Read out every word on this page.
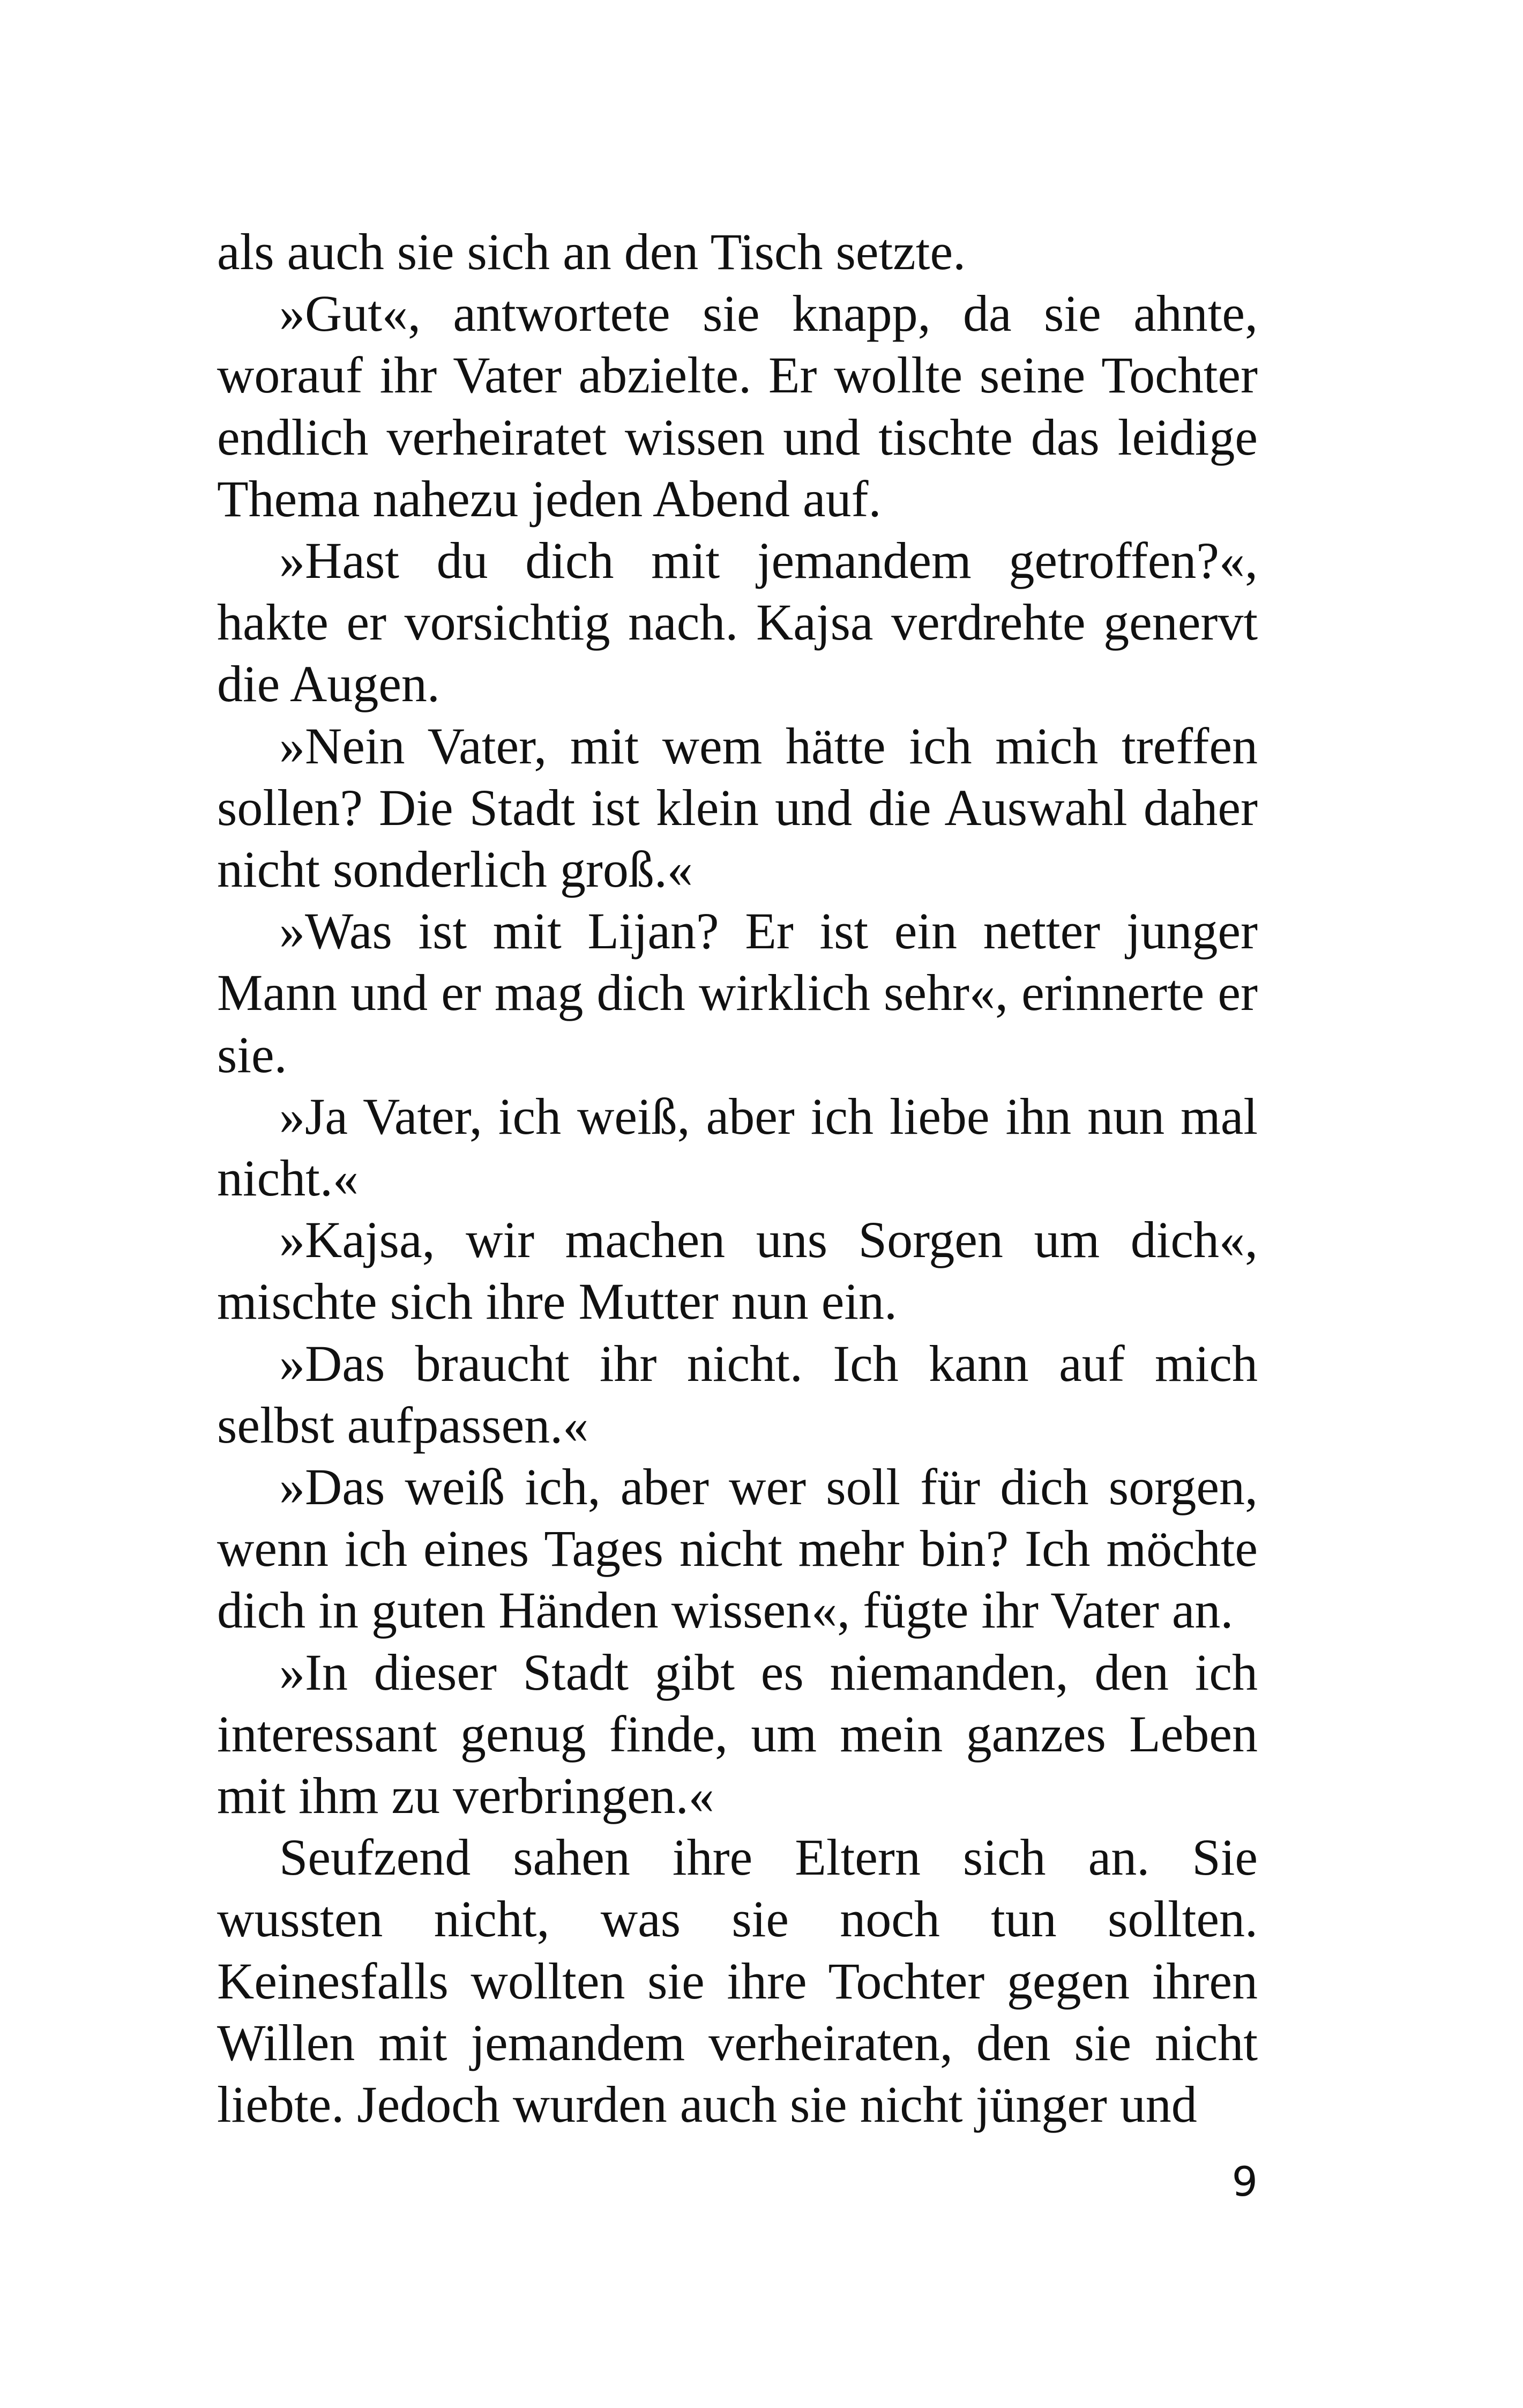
als auch sie sich an den Tisch setzte.

»Gut«, antwortete sie knapp, da sie ahnte, worauf ihr Vater abzielte. Er wollte seine Tochter endlich verheiratet wissen und tischte das leidige Thema nahezu jeden Abend auf.

»Hast du dich mit jemandem getroffen?«, hakte er vorsichtig nach. Kajsa verdrehte genervt die Augen.

»Nein Vater, mit wem hätte ich mich treffen sollen? Die Stadt ist klein und die Auswahl daher nicht sonderlich groß.«

»Was ist mit Lijan? Er ist ein netter junger Mann und er mag dich wirklich sehr«, erinnerte er sie.

»Ja Vater, ich weiß, aber ich liebe ihn nun mal nicht.«

»Kajsa, wir machen uns Sorgen um dich«, mischte sich ihre Mutter nun ein.

»Das braucht ihr nicht. Ich kann auf mich selbst aufpassen.«

»Das weiß ich, aber wer soll für dich sorgen, wenn ich eines Tages nicht mehr bin? Ich möchte dich in guten Händen wissen«, fügte ihr Vater an.

»In dieser Stadt gibt es niemanden, den ich interessant genug finde, um mein ganzes Leben mit ihm zu verbringen.«

Seufzend sahen ihre Eltern sich an. Sie wussten nicht, was sie noch tun sollten. Keinesfalls wollten sie ihre Tochter gegen ihren Willen mit jemandem verheiraten, den sie nicht liebte. Jedoch wurden auch sie nicht jünger und

9
